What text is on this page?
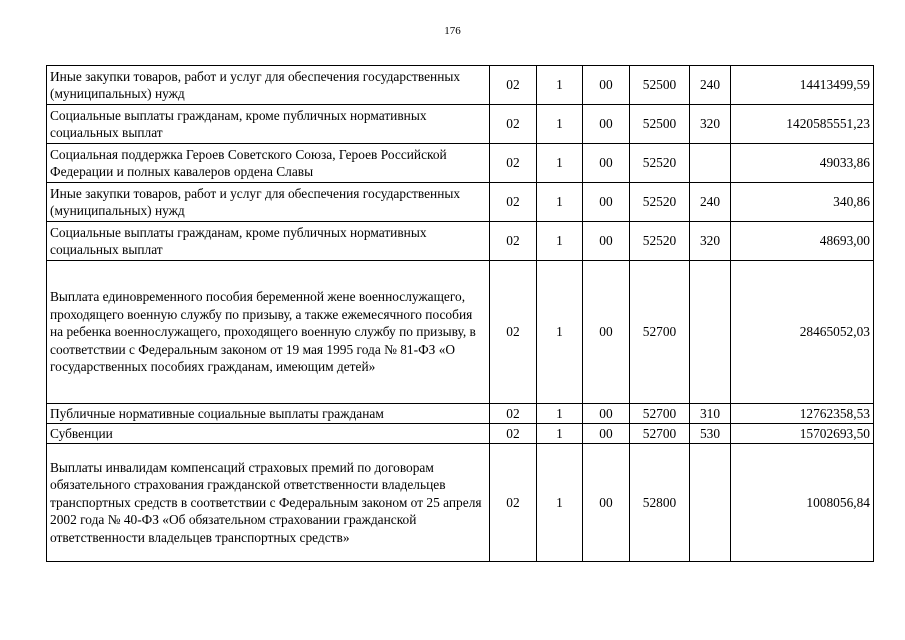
176
Иные закупки товаров, работ и услуг для обеспечения государственных (муниципальных) нужд	02	1	00	52500	240	14413499,59
Социальные выплаты гражданам, кроме публичных нормативных социальных выплат	02	1	00	52500	320	1420585551,23
Социальная поддержка Героев Советского Союза, Героев Российской Федерации и полных кавалеров ордена Славы	02	1	00	52520		49033,86
Иные закупки товаров, работ и услуг для обеспечения государственных (муниципальных) нужд	02	1	00	52520	240	340,86
Социальные выплаты гражданам, кроме публичных нормативных социальных выплат	02	1	00	52520	320	48693,00
Выплата единовременного пособия беременной жене военнослужащего, проходящего военную службу по призыву, а также ежемесячного пособия на ребенка военнослужащего, проходящего военную службу по призыву, в соответствии с Федеральным законом от 19 мая 1995 года № 81-ФЗ «О государственных пособиях гражданам, имеющим детей»	02	1	00	52700		28465052,03
Публичные нормативные социальные выплаты гражданам	02	1	00	52700	310	12762358,53
Субвенции	02	1	00	52700	530	15702693,50
Выплаты инвалидам компенсаций страховых премий по договорам обязательного страхования гражданской ответственности владельцев транспортных средств в соответствии с Федеральным законом от 25 апреля 2002 года № 40-ФЗ «Об обязательном страховании гражданской ответственности владельцев транспортных средств»	02	1	00	52800		1008056,84
